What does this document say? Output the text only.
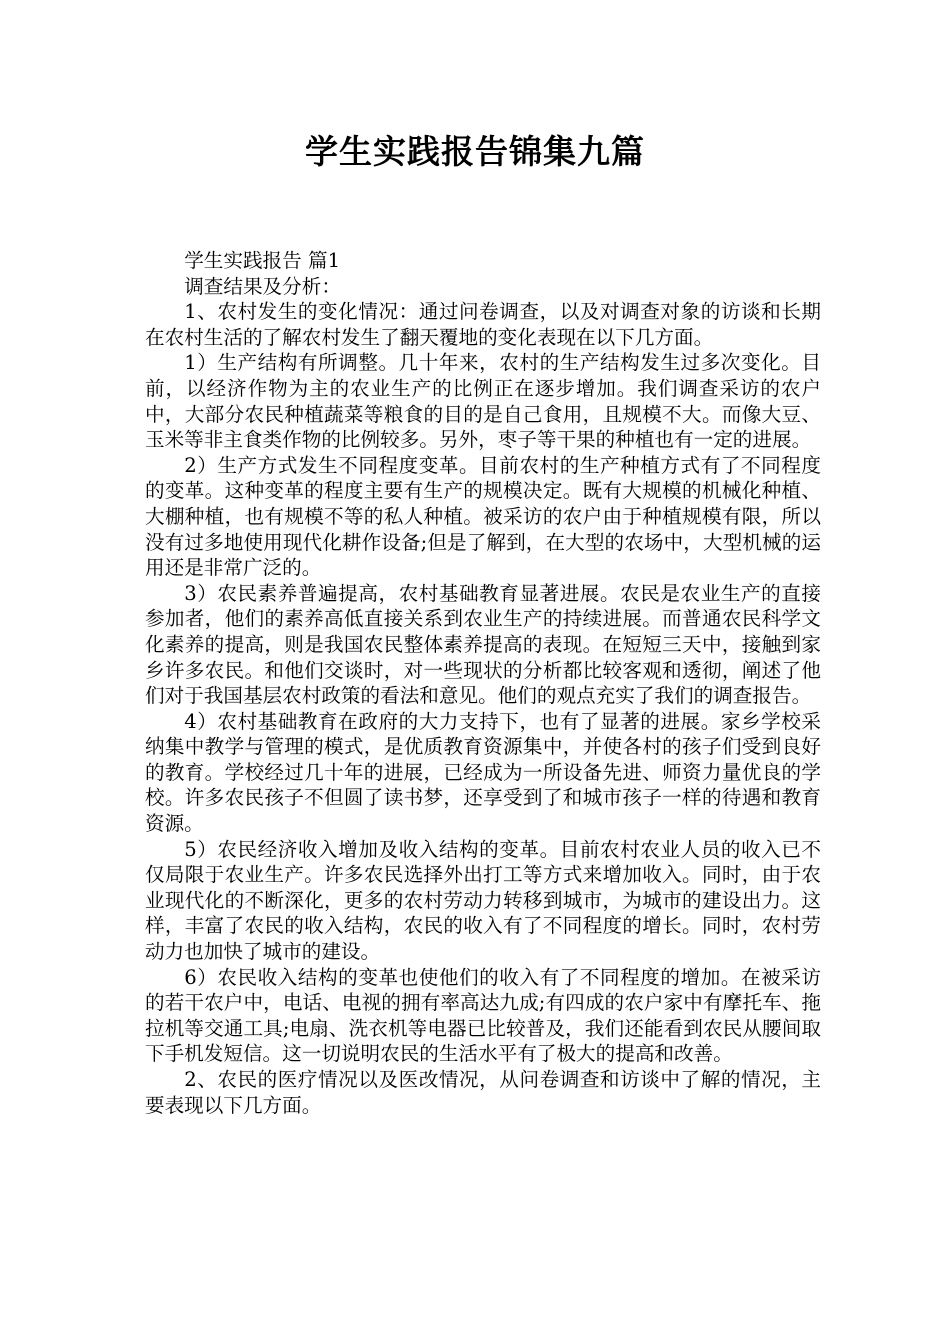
学生实践报告锦集九篇

学生实践报告 篇1

调查结果及分析：

1、农村发生的变化情况：通过问卷调查，以及对调查对象的访谈和长期在农村生活的了解农村发生了翻天覆地的变化表现在以下几方面。

1）生产结构有所调整。几十年来，农村的生产结构发生过多次变化。目前，以经济作物为主的农业生产的比例正在逐步增加。我们调查采访的农户中，大部分农民种植蔬菜等粮食的目的是自己食用，且规模不大。而像大豆、玉米等非主食类作物的比例较多。另外，枣子等干果的种植也有一定的进展。

2）生产方式发生不同程度变革。目前农村的生产种植方式有了不同程度的变革。这种变革的程度主要有生产的规模决定。既有大规模的机械化种植、大棚种植，也有规模不等的私人种植。被采访的农户由于种植规模有限，所以没有过多地使用现代化耕作设备;但是了解到，在大型的农场中，大型机械的运用还是非常广泛的。

3）农民素养普遍提高，农村基础教育显著进展。农民是农业生产的直接参加者，他们的素养高低直接关系到农业生产的持续进展。而普通农民科学文化素养的提高，则是我国农民整体素养提高的表现。在短短三天中，接触到家乡许多农民。和他们交谈时，对一些现状的分析都比较客观和透彻，阐述了他们对于我国基层农村政策的看法和意见。他们的观点充实了我们的调查报告。

4）农村基础教育在政府的大力支持下，也有了显著的进展。家乡学校采纳集中教学与管理的模式，是优质教育资源集中，并使各村的孩子们受到良好的教育。学校经过几十年的进展，已经成为一所设备先进、师资力量优良的学校。许多农民孩子不但圆了读书梦，还享受到了和城市孩子一样的待遇和教育资源。

5）农民经济收入增加及收入结构的变革。目前农村农业人员的收入已不仅局限于农业生产。许多农民选择外出打工等方式来增加收入。同时，由于农业现代化的不断深化，更多的农村劳动力转移到城市，为城市的建设出力。这样，丰富了农民的收入结构，农民的收入有了不同程度的增长。同时，农村劳动力也加快了城市的建设。

6）农民收入结构的变革也使他们的收入有了不同程度的增加。在被采访的若干农户中，电话、电视的拥有率高达九成;有四成的农户家中有摩托车、拖拉机等交通工具;电扇、洗衣机等电器已比较普及，我们还能看到农民从腰间取下手机发短信。这一切说明农民的生活水平有了极大的提高和改善。

2、农民的医疗情况以及医改情况，从问卷调查和访谈中了解的情况，主要表现以下几方面。
